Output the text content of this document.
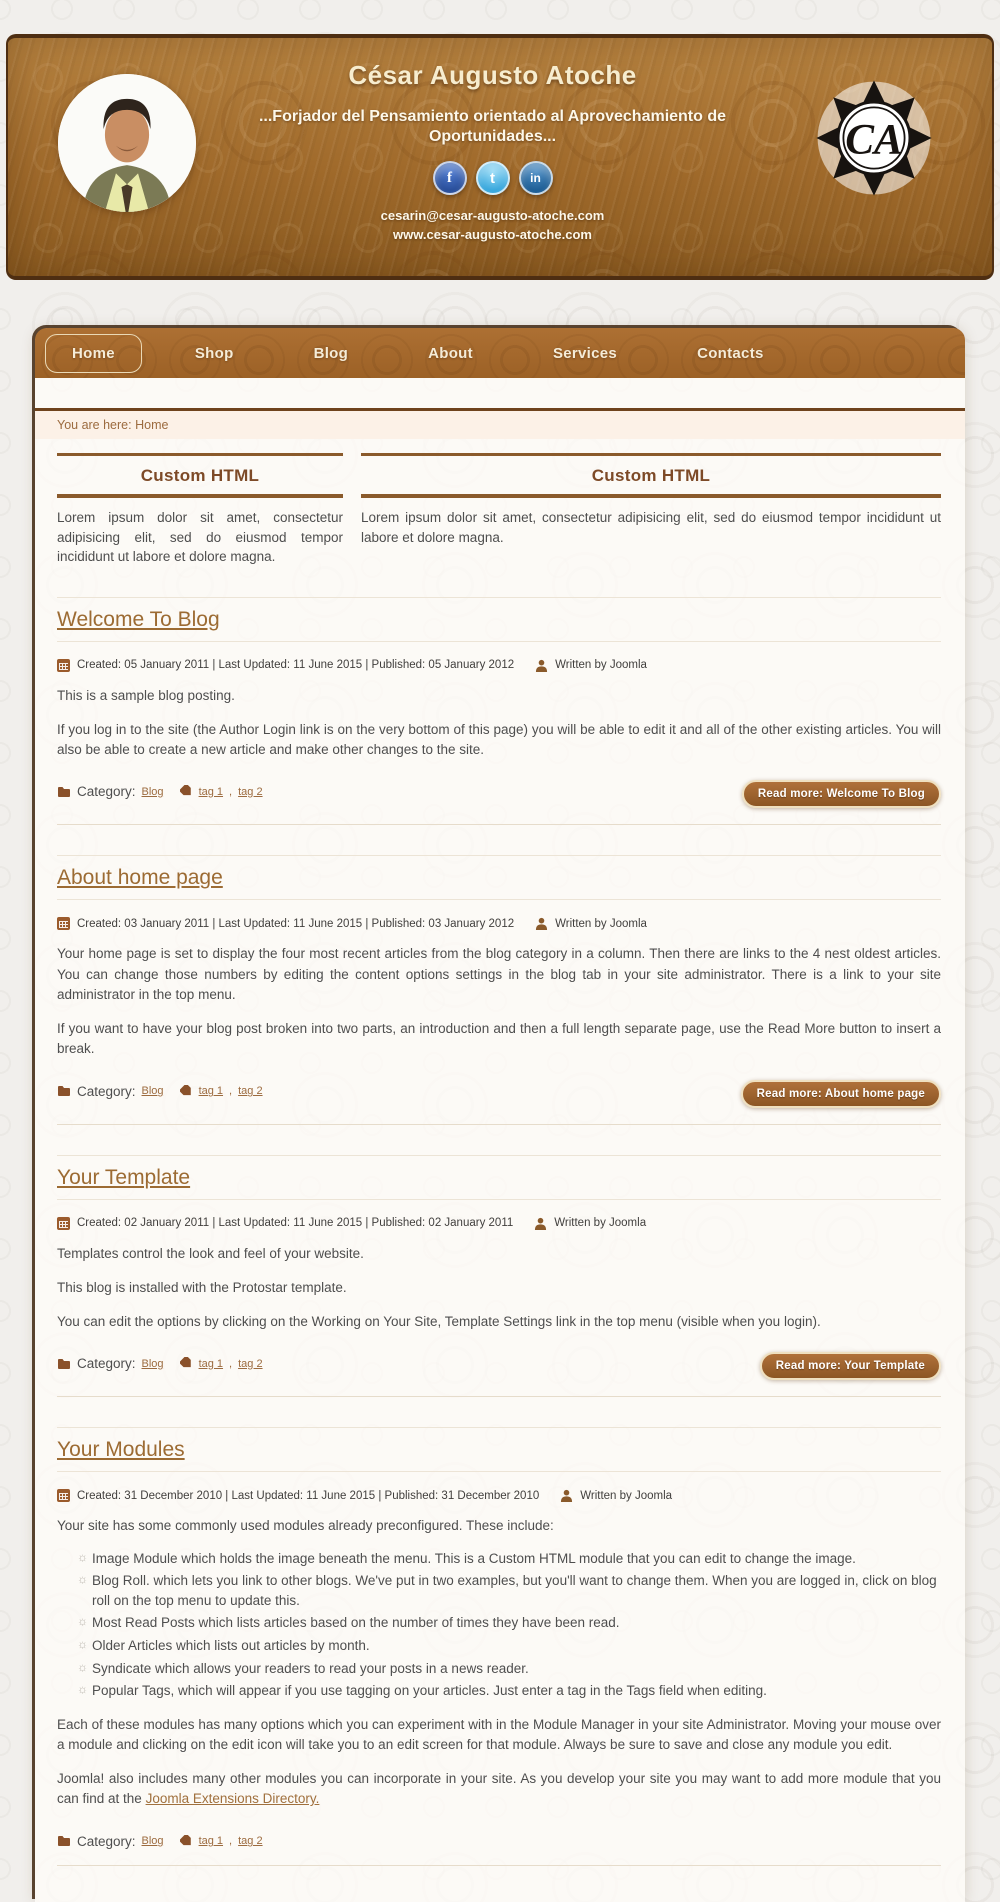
César Augusto Atoche
...Forjador del Pensamiento orientado al Aprovechamiento de Oportunidades...
f	t	in
cesarin@cesar-augusto-atoche.com
www.cesar-augusto-atoche.com
CA
Home	Shop	Blog	About	Services	Contacts
You are here: Home
Custom HTML

Lorem ipsum dolor sit amet, consectetur adipisicing elit, sed do eiusmod tempor incididunt ut labore et dolore magna.

Custom HTML

Lorem ipsum dolor sit amet, consectetur adipisicing elit, sed do eiusmod tempor incididunt ut labore et dolore magna.

Welcome To Blog
Created: 05 January 2011 | Last Updated: 11 June 2015 | Published: 05 January 2012	Written by Joomla

This is a sample blog posting.

If you log in to the site (the Author Login link is on the very bottom of this page) you will be able to edit it and all of the other existing articles. You will also be able to create a new article and make other changes to the site.

Category: Blog	tag 1 , tag 2	Read more: Welcome To Blog
About home page
Created: 03 January 2011 | Last Updated: 11 June 2015 | Published: 03 January 2012	Written by Joomla

Your home page is set to display the four most recent articles from the blog category in a column. Then there are links to the 4 nest oldest articles. You can change those numbers by editing the content options settings in the blog tab in your site administrator. There is a link to your site administrator in the top menu.

If you want to have your blog post broken into two parts, an introduction and then a full length separate page, use the Read More button to insert a break.

Category: Blog	tag 1 , tag 2	Read more: About home page
Your Template
Created: 02 January 2011 | Last Updated: 11 June 2015 | Published: 02 January 2011	Written by Joomla

Templates control the look and feel of your website.

This blog is installed with the Protostar template.

You can edit the options by clicking on the Working on Your Site, Template Settings link in the top menu (visible when you login).

Category: Blog	tag 1 , tag 2	Read more: Your Template
Your Modules
Created: 31 December 2010 | Last Updated: 11 June 2015 | Published: 31 December 2010	Written by Joomla

Your site has some commonly used modules already preconfigured. These include:

☼ Image Module which holds the image beneath the menu. This is a Custom HTML module that you can edit to change the image.
☼ Blog Roll. which lets you link to other blogs. We've put in two examples, but you'll want to change them. When you are logged in, click on blog roll on the top menu to update this.
☼ Most Read Posts which lists articles based on the number of times they have been read.
☼ Older Articles which lists out articles by month.
☼ Syndicate which allows your readers to read your posts in a news reader.
☼ Popular Tags, which will appear if you use tagging on your articles. Just enter a tag in the Tags field when editing.

Each of these modules has many options which you can experiment with in the Module Manager in your site Administrator. Moving your mouse over a module and clicking on the edit icon will take you to an edit screen for that module. Always be sure to save and close any module you edit.

Joomla! also includes many other modules you can incorporate in your site. As you develop your site you may want to add more module that you can find at the Joomla Extensions Directory.

Category: Blog	tag 1 , tag 2
